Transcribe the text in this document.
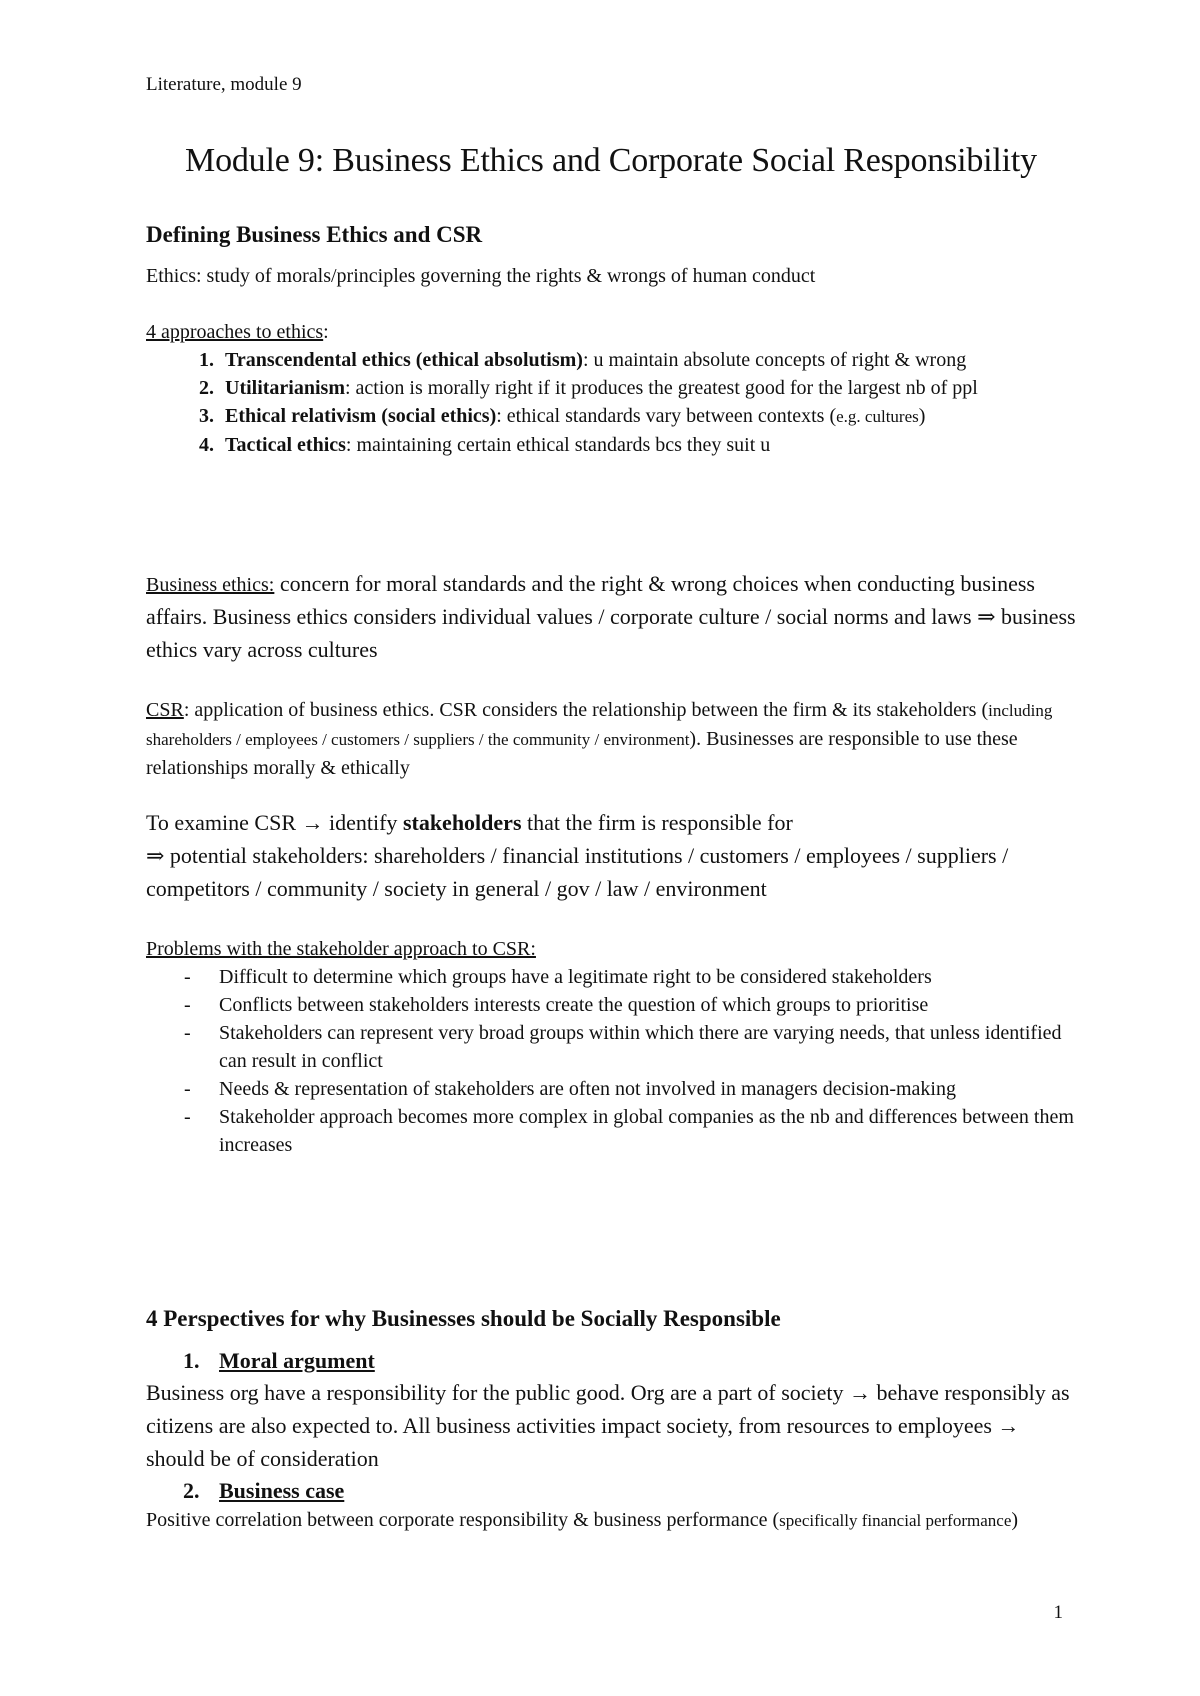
Literature, module 9
Module 9: Business Ethics and Corporate Social Responsibility
Defining Business Ethics and CSR
Ethics: study of morals/principles governing the rights & wrongs of human conduct

4 approaches to ethics:

1. Transcendental ethics (ethical absolutism): u maintain absolute concepts of right & wrong
2. Utilitarianism: action is morally right if it produces the greatest good for the largest nb of ppl
3. Ethical relativism (social ethics): ethical standards vary between contexts (e.g. cultures)
4. Tactical ethics: maintaining certain ethical standards bcs they suit u

Business ethics: concern for moral standards and the right & wrong choices when conducting business affairs. Business ethics considers individual values / corporate culture / social norms and laws ⇒ business ethics vary across cultures

CSR: application of business ethics. CSR considers the relationship between the firm & its stakeholders (including shareholders / employees / customers / suppliers / the community / environment). Businesses are responsible to use these relationships morally & ethically

To examine CSR → identify stakeholders that the firm is responsible for

⇒ potential stakeholders: shareholders / financial institutions / customers / employees / suppliers / competitors / community / society in general / gov / law / environment

Problems with the stakeholder approach to CSR:

- Difficult to determine which groups have a legitimate right to be considered stakeholders
- Conflicts between stakeholders interests create the question of which groups to prioritise
- Stakeholders can represent very broad groups within which there are varying needs, that unless identified can result in conflict
- Needs & representation of stakeholders are often not involved in managers decision-making
- Stakeholder approach becomes more complex in global companies as the nb and differences between them increases
4 Perspectives for why Businesses should be Socially Responsible
1. Moral argument

Business org have a responsibility for the public good. Org are a part of society → behave responsibly as citizens are also expected to. All business activities impact society, from resources to employees → should be of consideration

2. Business case

Positive correlation between corporate responsibility & business performance (specifically financial performance)

1
